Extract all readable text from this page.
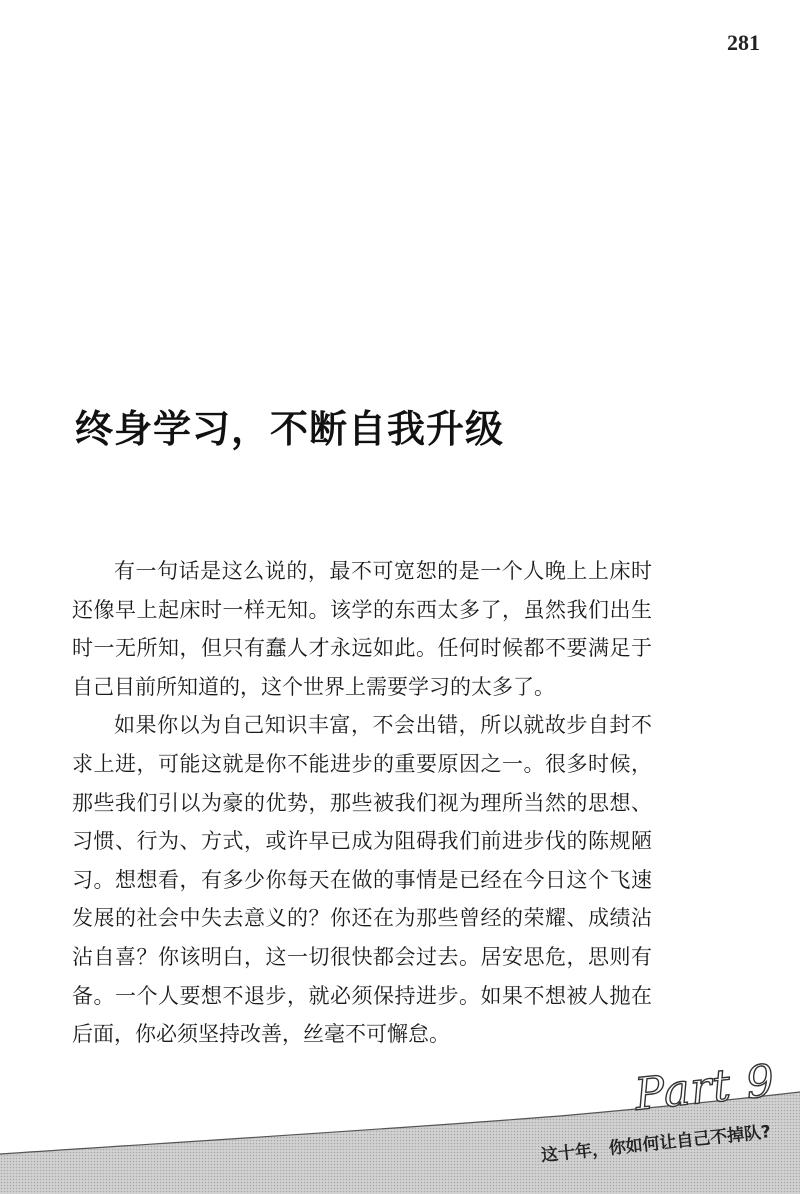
281
终身学习，不断自我升级

有一句话是这么说的，最不可宽恕的是一个人晚上上床时还像早上起床时一样无知。该学的东西太多了，虽然我们出生时一无所知，但只有蠢人才永远如此。任何时候都不要满足于自己目前所知道的，这个世界上需要学习的太多了。

如果你以为自己知识丰富，不会出错，所以就故步自封不求上进，可能这就是你不能进步的重要原因之一。很多时候，那些我们引以为豪的优势，那些被我们视为理所当然的思想、习惯、行为、方式，或许早已成为阻碍我们前进步伐的陈规陋习。想想看，有多少你每天在做的事情是已经在今日这个飞速发展的社会中失去意义的？你还在为那些曾经的荣耀、成绩沾沾自喜？你该明白，这一切很快都会过去。居安思危，思则有备。一个人要想不退步，就必须保持进步。如果不想被人抛在后面，你必须坚持改善，丝毫不可懈怠。

Part 9
这十年，你如何让自己不掉队?
